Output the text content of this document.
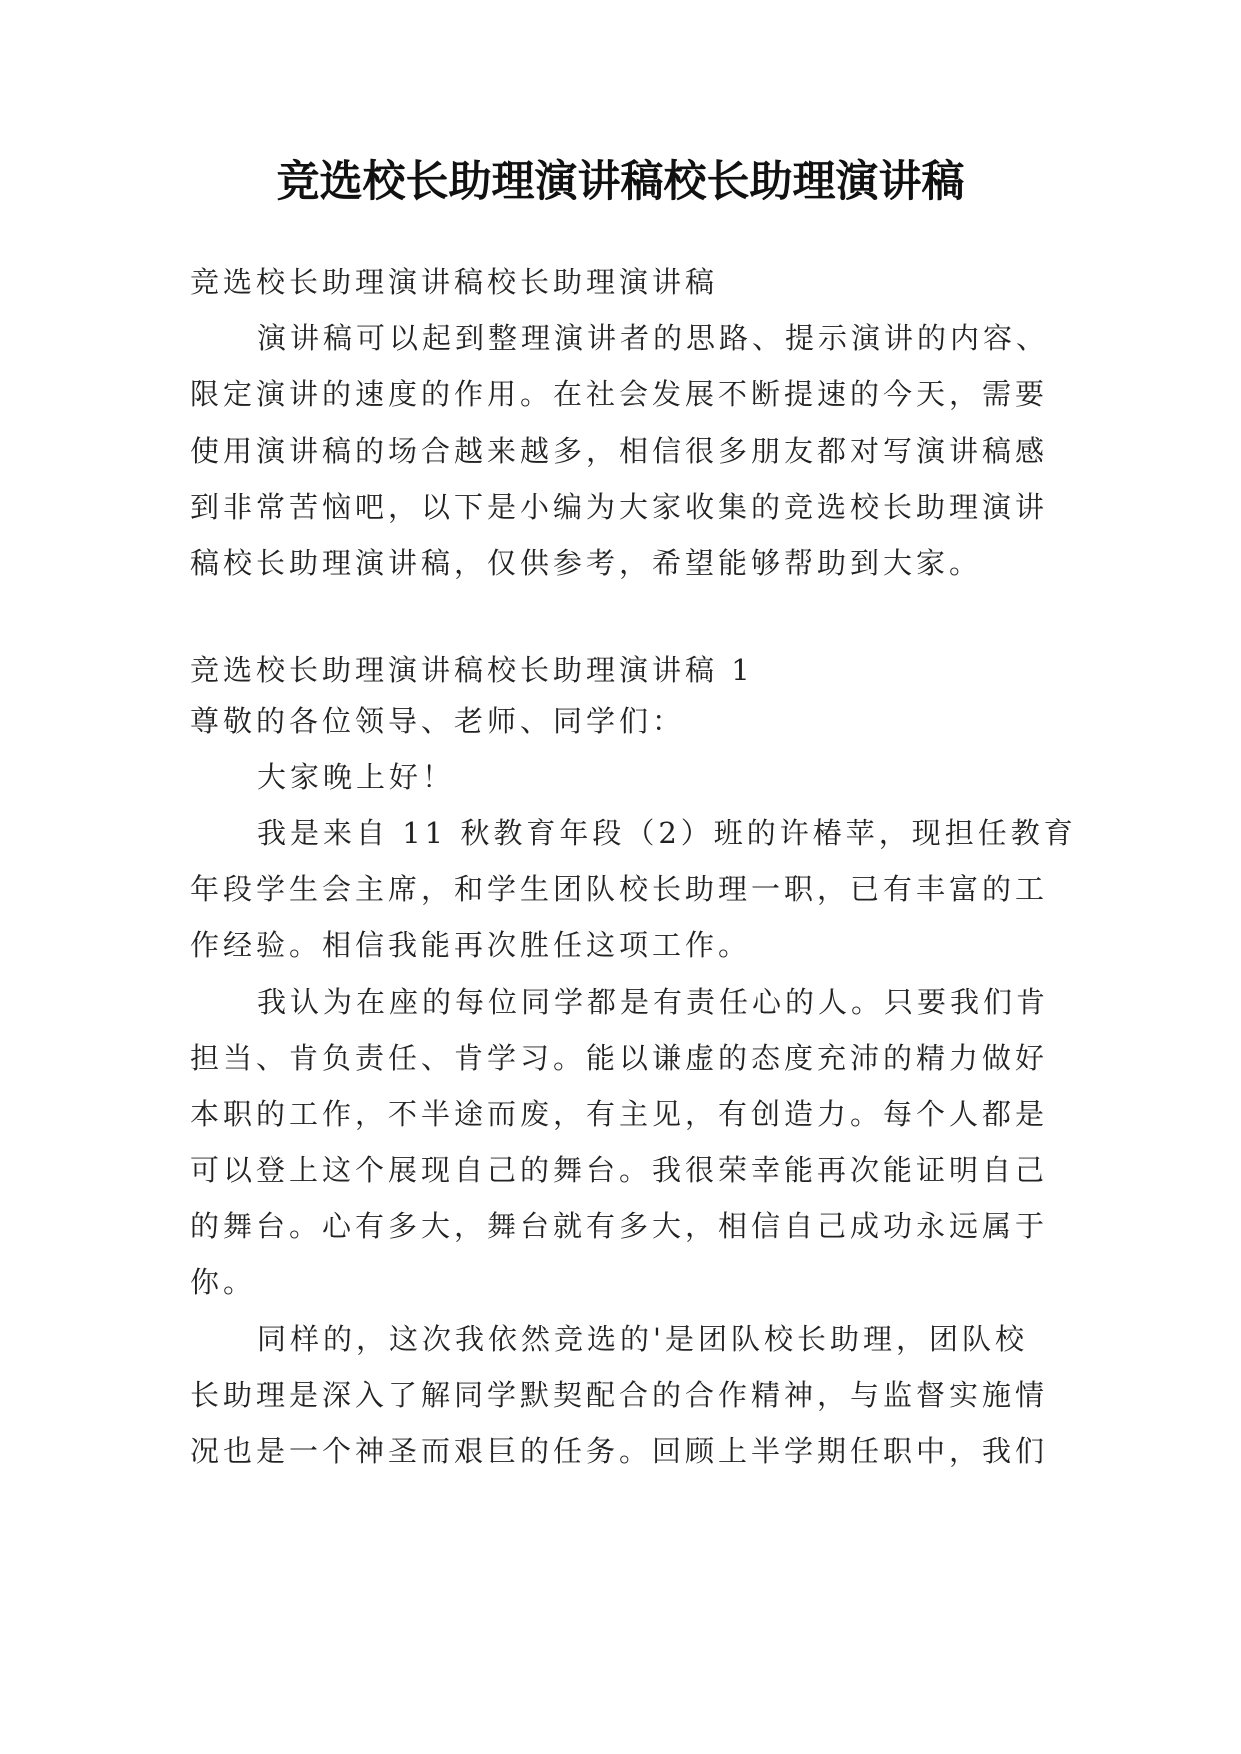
竞选校长助理演讲稿校长助理演讲稿

竞选校长助理演讲稿校长助理演讲稿

演讲稿可以起到整理演讲者的思路、提示演讲的内容、

限定演讲的速度的作用。在社会发展不断提速的今天，需要

使用演讲稿的场合越来越多，相信很多朋友都对写演讲稿感

到非常苦恼吧，以下是小编为大家收集的竞选校长助理演讲

稿校长助理演讲稿，仅供参考，希望能够帮助到大家。

竞选校长助理演讲稿校长助理演讲稿 1

尊敬的各位领导、老师、同学们：

大家晚上好！

我是来自 11 秋教育年段（2）班的许椿苹，现担任教育

年段学生会主席，和学生团队校长助理一职，已有丰富的工

作经验。相信我能再次胜任这项工作。

我认为在座的每位同学都是有责任心的人。只要我们肯

担当、肯负责任、肯学习。能以谦虚的态度充沛的精力做好

本职的工作，不半途而废，有主见，有创造力。每个人都是

可以登上这个展现自己的舞台。我很荣幸能再次能证明自己

的舞台。心有多大，舞台就有多大，相信自己成功永远属于

你。

同样的，这次我依然竞选的'是团队校长助理，团队校

长助理是深入了解同学默契配合的合作精神，与监督实施情

况也是一个神圣而艰巨的任务。回顾上半学期任职中，我们
